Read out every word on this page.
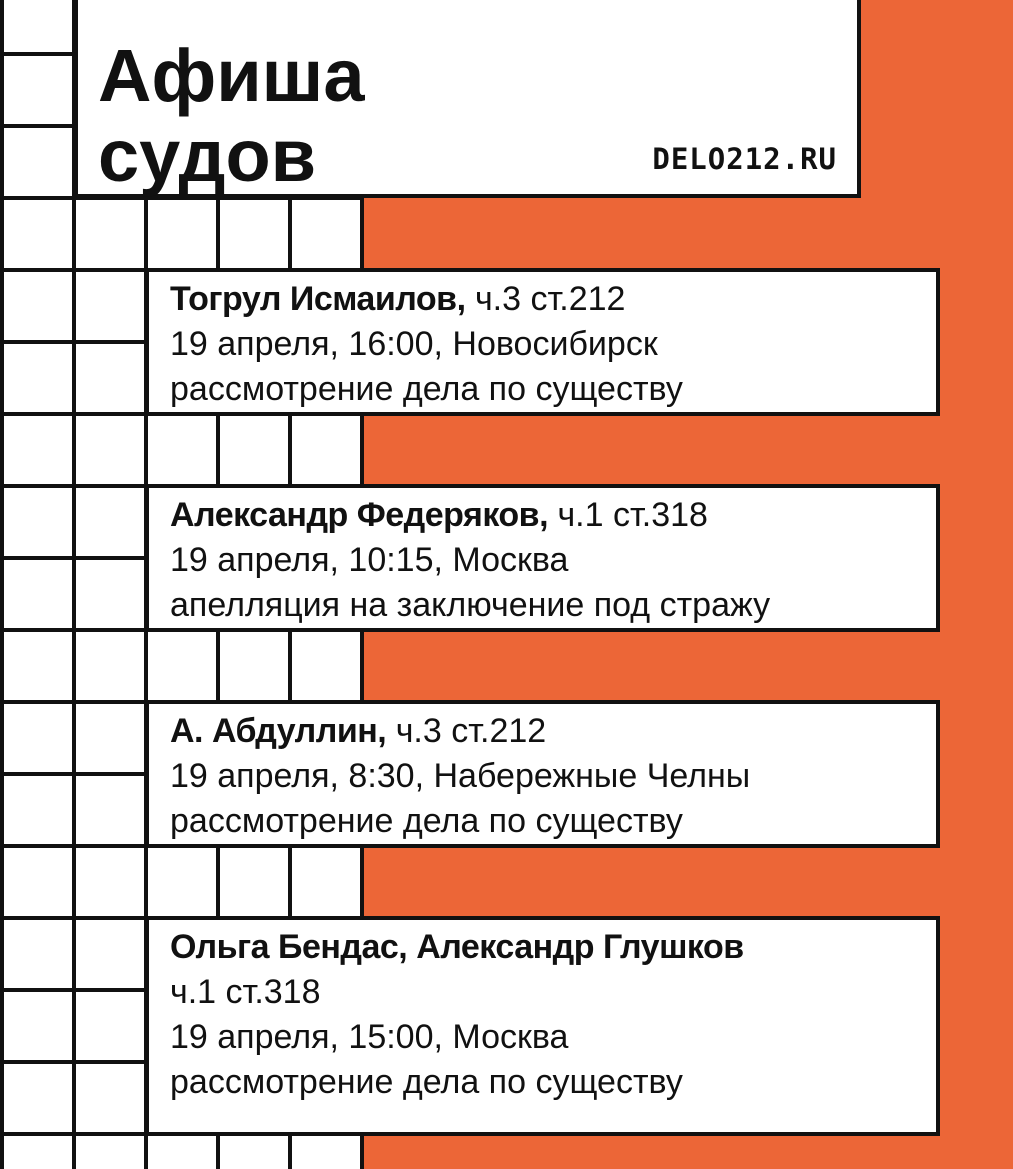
Афиша
судов	DELO212.RU
Тогрул Исмаилов, ч.3 ст.212
19 апреля, 16:00, Новосибирск
рассмотрение дела по существу
Александр Федеряков, ч.1 ст.318
19 апреля, 10:15, Москва
апелляция на заключение под стражу
А. Абдуллин, ч.3 ст.212
19 апреля, 8:30, Набережные Челны
рассмотрение дела по существу
Ольга Бендас, Александр Глушков
ч.1 ст.318
19 апреля, 15:00, Москва
рассмотрение дела по существу
